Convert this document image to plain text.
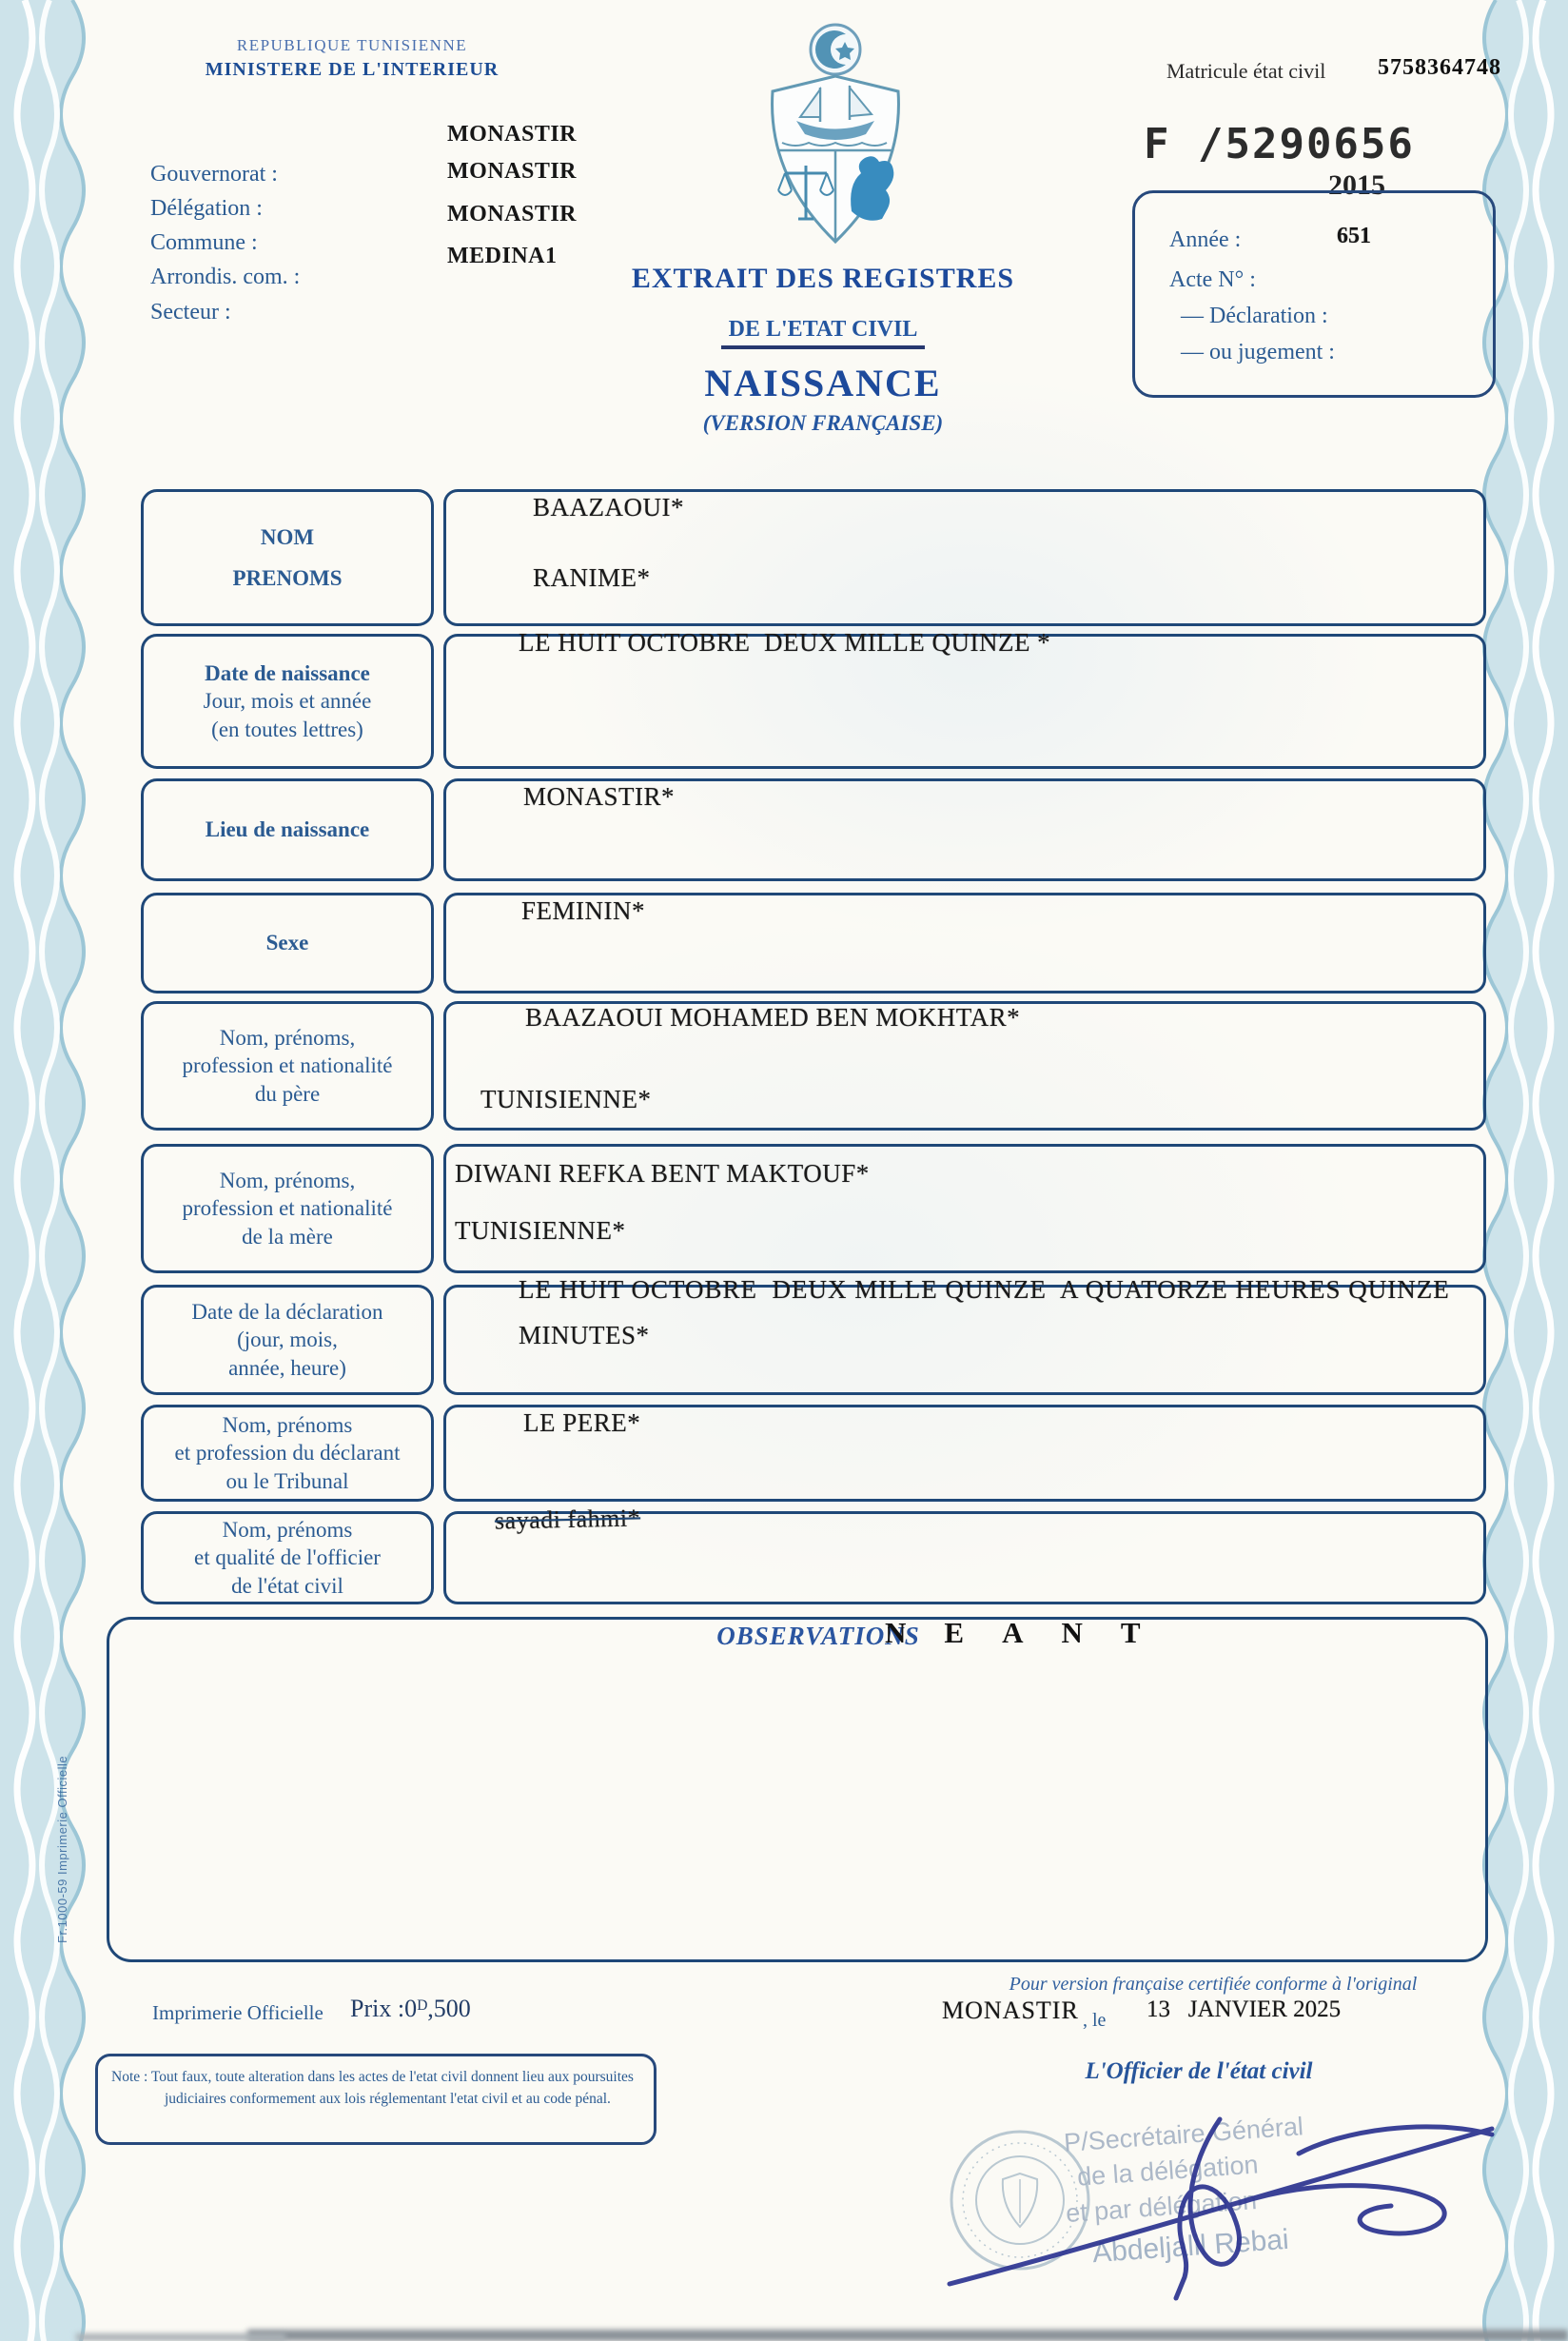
REPUBLIQUE TUNISIENNE
MINISTERE DE L'INTERIEUR	Matricule état civil 5758364748
F /5290656
2015
Année :	651
Acte N° :
— Déclaration :
— ou jugement :
Gouvernorat :
Délégation :
Commune :
Arrondis. com. :
Secteur :
MONASTIR
MONASTIR
MONASTIR
MEDINA1
EXTRAIT DES REGISTRES

DE L'ETAT CIVIL
NAISSANCE
(VERSION FRANÇAISE)
NOM
PRENOMS
BAAZAOUI*
RANIME*
Date de naissance
Jour, mois et année
(en toutes lettres)
LE HUIT OCTOBRE  DEUX MILLE QUINZE *
Lieu de naissance
MONASTIR*
Sexe
FEMININ*
Nom, prénoms,
profession et nationalité
du père
BAAZAOUI MOHAMED BEN MOKHTAR*
TUNISIENNE*
Nom, prénoms,
profession et nationalité
de la mère
DIWANI REFKA BENT MAKTOUF*
TUNISIENNE*
Date de la déclaration
(jour, mois,
année, heure)
LE HUIT OCTOBRE  DEUX MILLE QUINZE  A QUATORZE HEURES QUINZE
MINUTES*
Nom, prénoms
et profession du déclarant
ou le Tribunal
LE PERE*
Nom, prénoms
et qualité de l'officier
de l'état civil
sayadi fahmi*
OBSERVATIONS
NEANT
Imprimerie Officielle Prix :0ᴰ,500
Pour version française certifiée conforme à l'original
MONASTIR , le 13   JANVIER 2025
L'Officier de l'état civil
Note : Tout faux, toute alteration dans les actes de l'etat civil donnent lieu aux poursuites judiciaires conformement aux lois réglementant l'etat civil et au code pénal.
Fr.1000-59 Imprimerie Officielle
P/Secrétaire Général
de la délégation
et par délégation
Abdeljalil Rebai
